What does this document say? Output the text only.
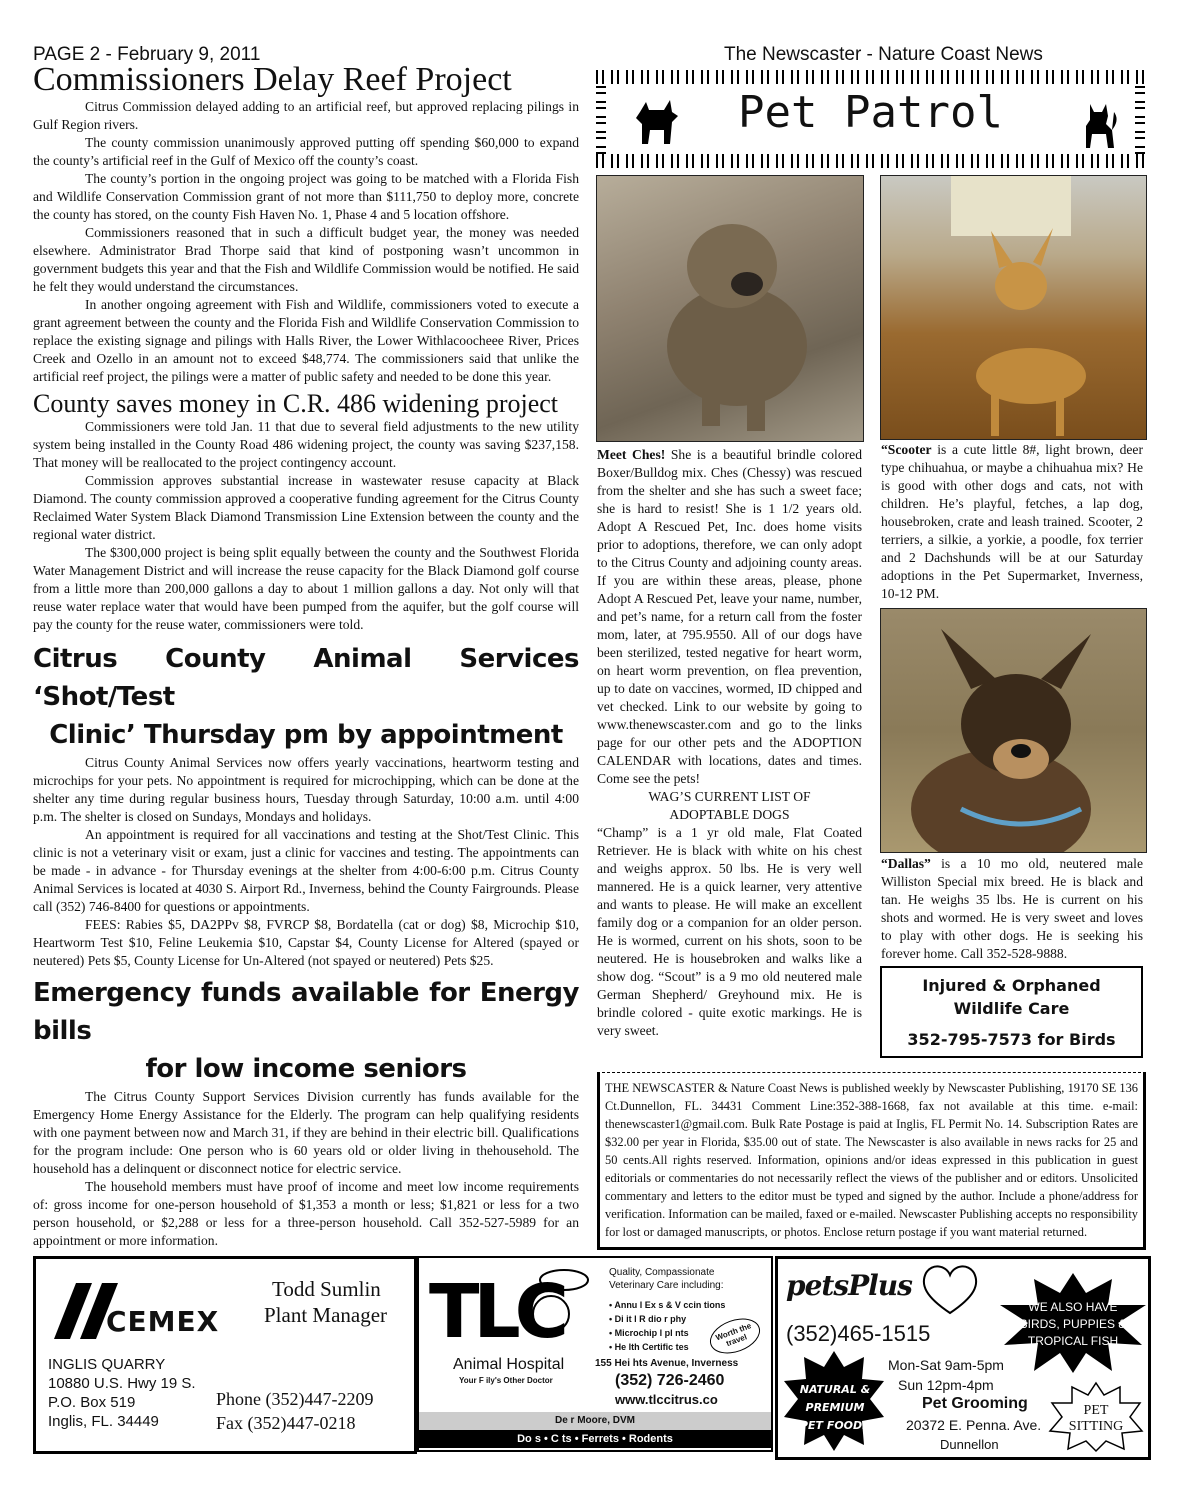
PAGE 2 - February 9, 2011	The Newscaster - Nature Coast News
Commissioners Delay Reef Project

Citrus Commission delayed adding to an artificial reef, but approved replacing pilings in Gulf Region rivers.

The county commission unanimously approved putting off spending $60,000 to expand the county’s artificial reef in the Gulf of Mexico off the county’s coast.

The county’s portion in the ongoing project was going to be matched with a Florida Fish and Wildlife Conservation Commission grant of not more than $111,750 to deploy more, concrete the county has stored, on the county Fish Haven No. 1, Phase 4 and 5 location offshore.

Commissioners reasoned that in such a difficult budget year, the money was needed elsewhere. Administrator Brad Thorpe said that kind of postponing wasn’t uncommon in government budgets this year and that the Fish and Wildlife Commission would be notified. He said he felt they would understand the circumstances.

In another ongoing agreement with Fish and Wildlife, commissioners voted to execute a grant agreement between the county and the Florida Fish and Wildlife Conservation Commission to replace the existing signage and pilings with Halls River, the Lower Withlacoocheee River, Prices Creek and Ozello in an amount not to exceed $48,774. The commissioners said that unlike the artificial reef project, the pilings were a matter of public safety and needed to be done this year.

County saves money in C.R. 486 widening project

Commissioners were told Jan. 11 that due to several field adjustments to the new utility system being installed in the County Road 486 widening project, the county was saving $237,158. That money will be reallocated to the project contingency account.

Commission approves substantial increase in wastewater resuse capacity at Black Diamond. The county commission approved a cooperative funding agreement for the Citrus County Reclaimed Water System Black Diamond Transmission Line Extension between the county and the regional water district.

The $300,000 project is being split equally between the county and the Southwest Florida Water Management District and will increase the reuse capacity for the Black Diamond golf course from a little more than 200,000 gallons a day to about 1 million gallons a day. Not only will that reuse water replace water that would have been pumped from the aquifer, but the golf course will pay the county for the reuse water, commissioners were told.

Citrus County Animal Services ‘Shot/Test
Clinic’ Thursday pm by appointment

Citrus County Animal Services now offers yearly vaccinations, heartworm testing and microchips for your pets. No appointment is required for microchipping, which can be done at the shelter any time during regular business hours, Tuesday through Saturday, 10:00 a.m. until 4:00 p.m. The shelter is closed on Sundays, Mondays and holidays.

An appointment is required for all vaccinations and testing at the Shot/Test Clinic. This clinic is not a veterinary visit or exam, just a clinic for vaccines and testing. The appointments can be made - in advance - for Thursday evenings at the shelter from 4:00-6:00 p.m. Citrus County Animal Services is located at 4030 S. Airport Rd., Inverness, behind the County Fairgrounds. Please call (352) 746-8400 for questions or appointments.

FEES: Rabies $5, DA2PPv $8, FVRCP $8, Bordatella (cat or dog) $8, Microchip $10, Heartworm Test $10, Feline Leukemia $10, Capstar $4, County License for Altered (spayed or neutered) Pets $5, County License for Un-Altered (not spayed or neutered) Pets $25.

Emergency funds available for Energy bills
for low income seniors

The Citrus County Support Services Division currently has funds available for the Emergency Home Energy Assistance for the Elderly. The program can help qualifying residents with one payment between now and March 31, if they are behind in their electric bill. Qualifications for the program include: One person who is 60 years old or older living in thehousehold. The household has a delinquent or disconnect notice for electric service.

The household members must have proof of income and meet low income requirements of: gross income for one-person household of $1,353 a month or less; $1,821 or less for a two person household, or $2,288 or less for a three-person household. Call 352-527-5989 for an appointment or more information.

Pet Patrol

Meet Ches! She is a beautiful brindle colored Boxer/Bulldog mix. Ches (Chessy) was rescued from the shelter and she has such a sweet face; she is hard to resist! She is 1 1/2 years old. Adopt A Rescued Pet, Inc. does home visits prior to adoptions, therefore, we can only adopt to the Citrus County and adjoining county areas. If you are within these areas, please, phone Adopt A Rescued Pet, leave your name, number, and pet’s name, for a return call from the foster mom, later, at 795.9550. All of our dogs have been sterilized, tested negative for heart worm, on heart worm prevention, on flea prevention, up to date on vaccines, wormed, ID chipped and vet checked. Link to our website by going to www.thenewscaster.com and go to the links page for our other pets and the ADOPTION CALENDAR with locations, dates and times. Come see the pets!

WAG’S CURRENT LIST OF
ADOPTABLE DOGS

“Champ” is a 1 yr old male, Flat Coated Retriever. He is black with white on his chest and weighs approx. 50 lbs. He is very well mannered. He is a quick learner, very attentive and wants to please. He will make an excellent family dog or a companion for an older person. He is wormed, current on his shots, soon to be neutered. He is housebroken and walks like a show dog. “Scout” is a 9 mo old neutered male German Shepherd/ Greyhound mix. He is brindle colored - quite exotic markings. He is very sweet.

“Scooter is a cute little 8#, light brown, deer type chihuahua, or maybe a chihuahua mix? He is good with other dogs and cats, not with children. He’s playful, fetches, a lap dog, housebroken, crate and leash trained. Scooter, 2 terriers, a silkie, a yorkie, a poodle, fox terrier and 2 Dachshunds will be at our Saturday adoptions in the Pet Supermarket, Inverness, 10-12 PM.

“Dallas” is a 10 mo old, neutered male Williston Special mix breed. He is black and tan. He weighs 35 lbs. He is current on his shots and wormed. He is very sweet and loves to play with other dogs. He is seeking his forever home. Call 352-528-9888.

Injured & Orphaned
Wildlife Care
352-795-7573 for Birds
THE NEWSCASTER & Nature Coast News is published weekly by Newscaster Publishing, 19170 SE 136 Ct.Dunnellon, FL. 34431 Comment Line:352-388-1668, fax not available at this time. e-mail: thenewscaster1@gmail.com. Bulk Rate Postage is paid at Inglis, FL Permit No. 14. Subscription Rates are $32.00 per year in Florida, $35.00 out of state. The Newscaster is also available in news racks for 25 and 50 cents.All rights reserved. Information, opinions and/or ideas expressed in this publication in guest editorials or commentaries do not necessarily reflect the views of the publisher and or editors. Unsolicited commentary and letters to the editor must be typed and signed by the author. Include a phone/address for verification. Information can be mailed, faxed or e-mailed. Newscaster Publishing accepts no responsibility for lost or damaged manuscripts, or photos. Enclose return postage if you want material returned.
CEMEX
Todd Sumlin
Plant Manager
INGLIS QUARRY
10880 U.S. Hwy 19 S.
P.O. Box 519
Inglis, FL. 34449
Phone (352)447-2209
Fax (352)447-0218
TLC
Animal Hospital
Your F ily's Other Doctor
Quality, Compassionate
Veterinary Care including:
• Annu l Ex s & V ccin tions
• Di it l R dio r phy
• Microchip l pl nts
• He lth Certific tes
Worth the travel
155 Hei hts Avenue, Inverness
(352) 726-2460
www.tlccitrus.co
De r Moore, DVM
Do s • C ts • Ferrets • Rodents
petsPlus
(352)465-1515
WE ALSO HAVE BIRDS, PUPPIES & TROPICAL FISH
NATURAL & PREMIUM PET FOODS
Mon-Sat 9am-5pm
Sun 12pm-4pm
Pet Grooming
20372 E. Penna. Ave.
Dunnellon
PET SITTING
